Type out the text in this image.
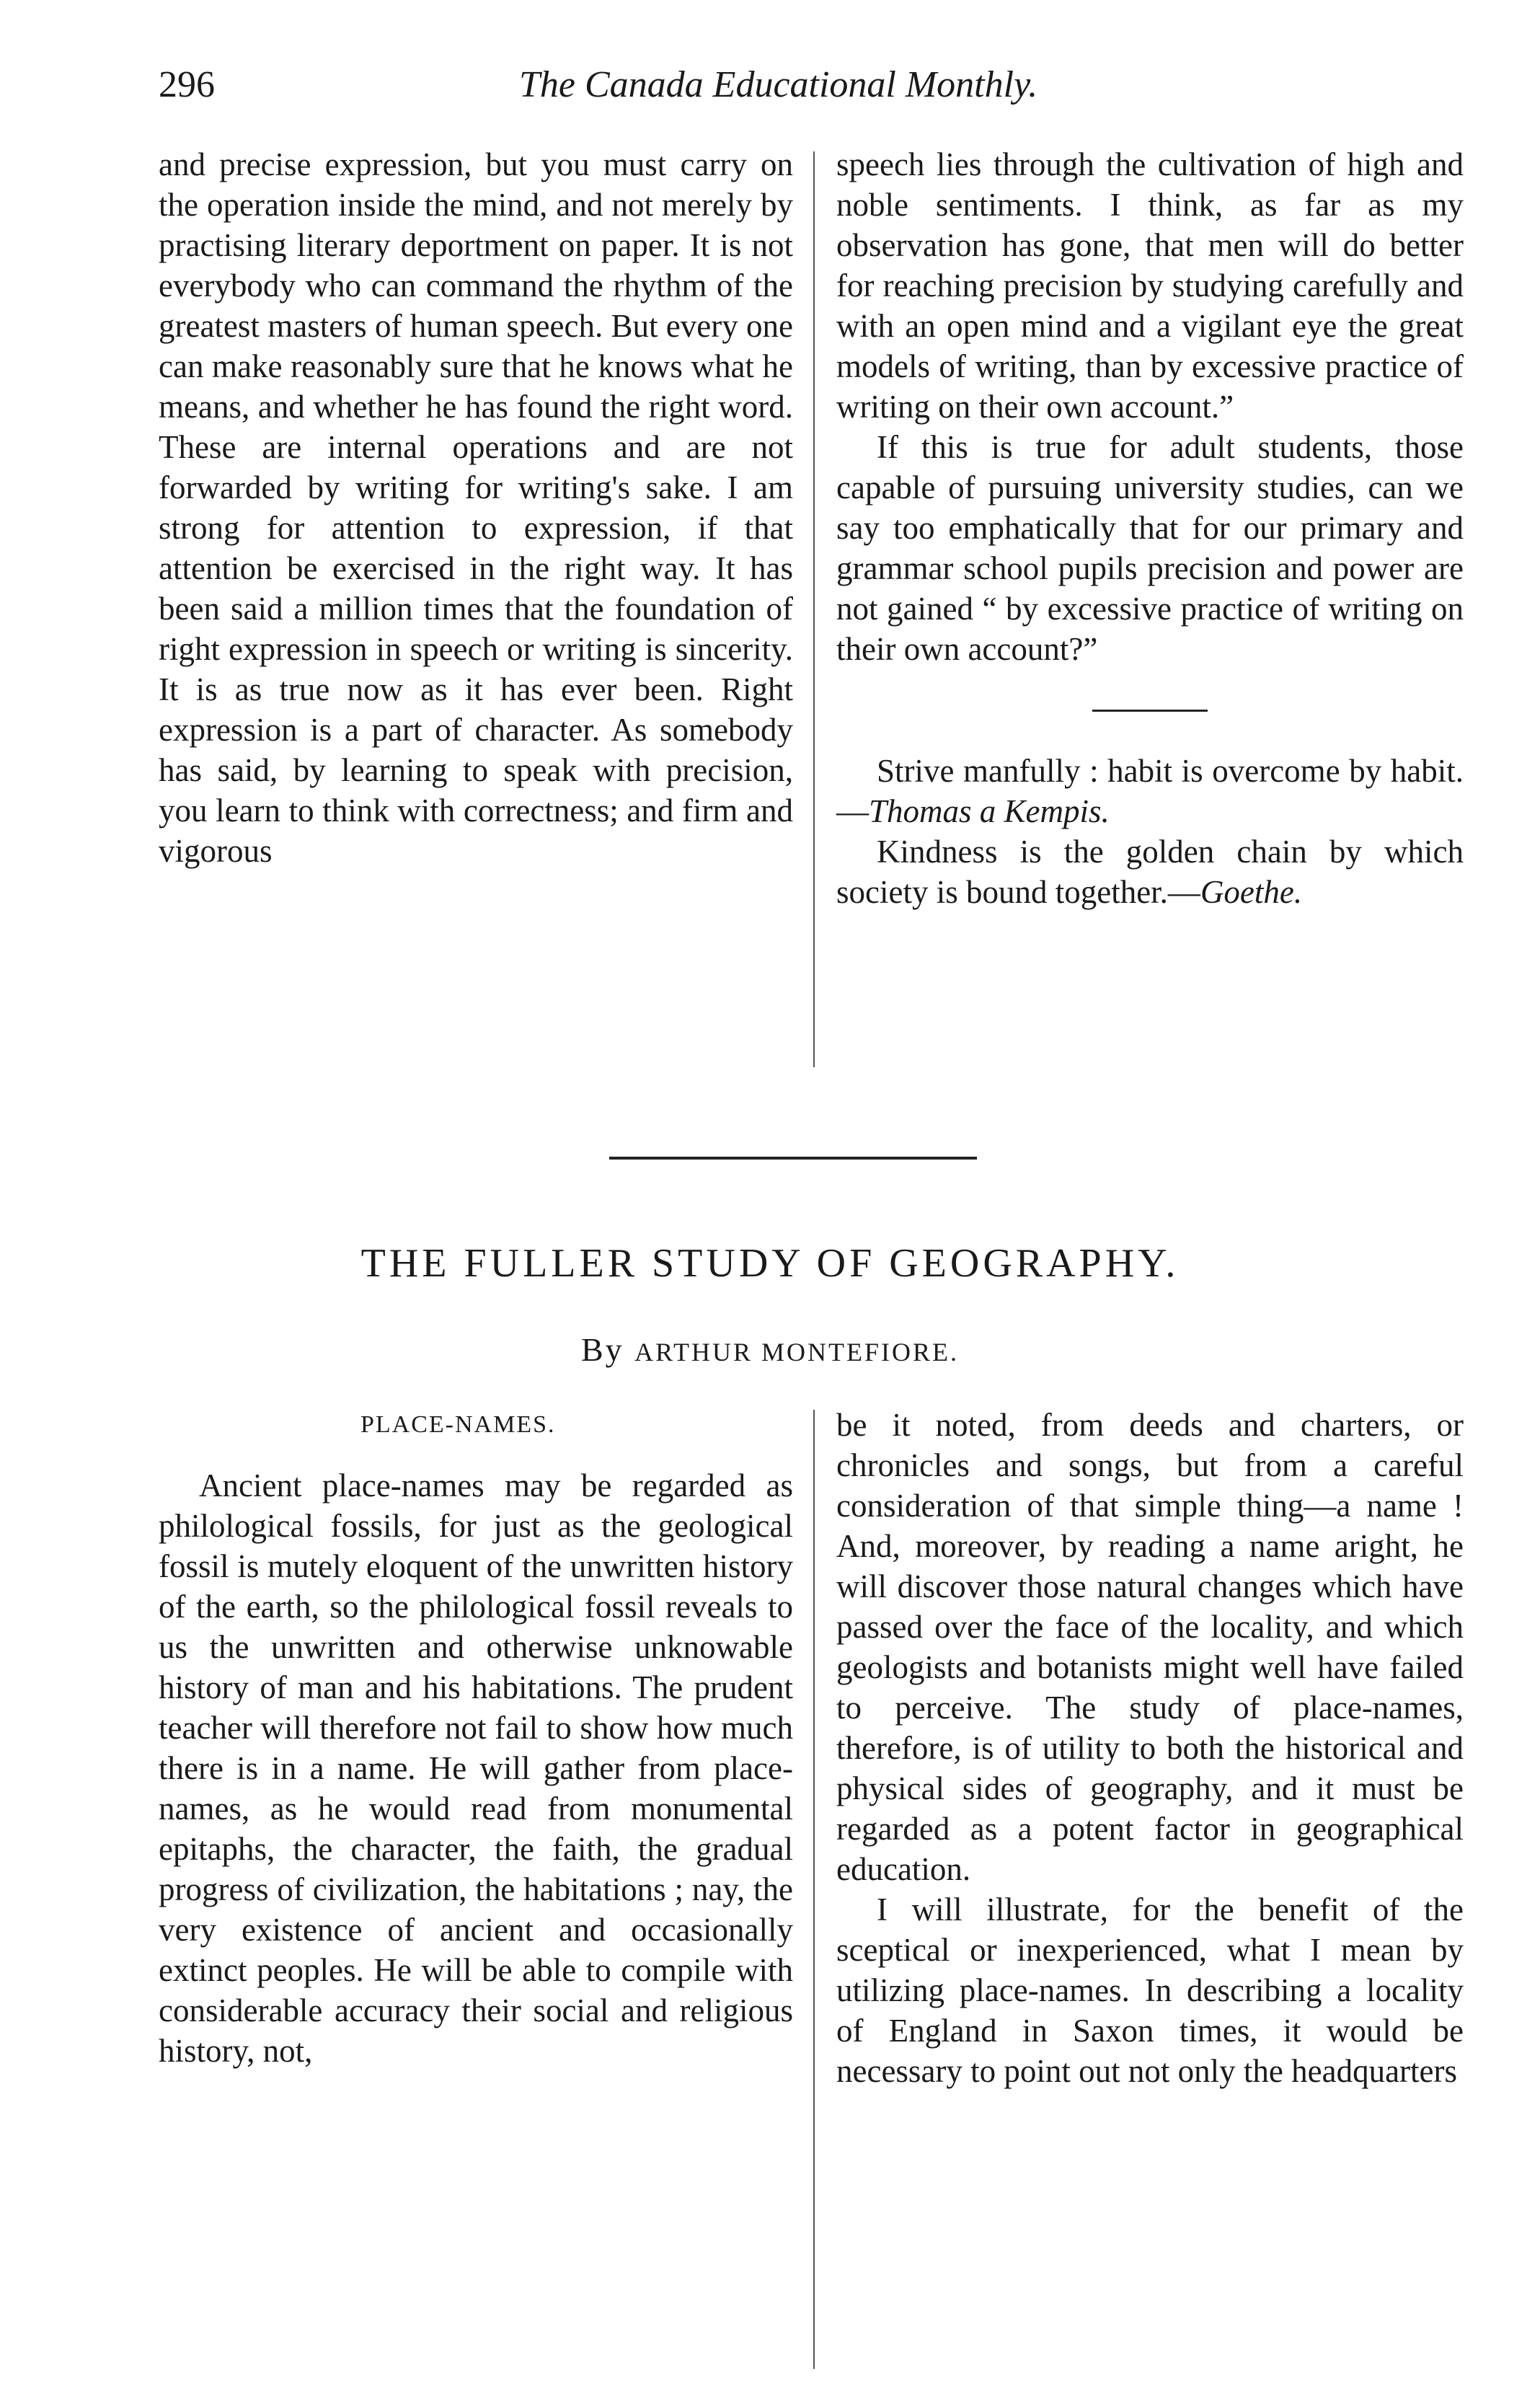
296	The Canada Educational Monthly.

and precise expression, but you must carry on the operation inside the mind, and not merely by practising literary deportment on paper. It is not everybody who can command the rhythm of the greatest masters of human speech. But every one can make reasonably sure that he knows what he means, and whether he has found the right word. These are internal operations and are not forwarded by writing for writing's sake. I am strong for attention to expression, if that attention be exercised in the right way. It has been said a million times that the foundation of right expression in speech or writing is sincerity. It is as true now as it has ever been. Right expression is a part of character. As somebody has said, by learning to speak with precision, you learn to think with correctness; and firm and vigorous

speech lies through the cultivation of high and noble sentiments. I think, as far as my observation has gone, that men will do better for reaching precision by studying carefully and with an open mind and a vigilant eye the great models of writing, than by excessive practice of writing on their own account.”

If this is true for adult students, those capable of pursuing university studies, can we say too emphatically that for our primary and grammar school pupils precision and power are not gained “ by excessive practice of writing on their own account?”

Strive manfully : habit is overcome by habit.—Thomas a Kempis.

Kindness is the golden chain by which society is bound together.—Goethe.

THE FULLER STUDY OF GEOGRAPHY.
By ARTHUR MONTEFIORE.

PLACE-NAMES.

Ancient place-names may be regarded as philological fossils, for just as the geological fossil is mutely eloquent of the unwritten history of the earth, so the philological fossil reveals to us the unwritten and otherwise unknowable history of man and his habitations. The prudent teacher will therefore not fail to show how much there is in a name. He will gather from place-names, as he would read from monumental epitaphs, the character, the faith, the gradual progress of civilization, the habitations ; nay, the very existence of ancient and occasionally extinct peoples. He will be able to compile with considerable accuracy their social and religious history, not,

be it noted, from deeds and charters, or chronicles and songs, but from a careful consideration of that simple thing—a name ! And, moreover, by reading a name aright, he will discover those natural changes which have passed over the face of the locality, and which geologists and botanists might well have failed to perceive. The study of place-names, therefore, is of utility to both the historical and physical sides of geography, and it must be regarded as a potent factor in geographical education.

I will illustrate, for the benefit of the sceptical or inexperienced, what I mean by utilizing place-names. In describing a locality of England in Saxon times, it would be necessary to point out not only the headquarters
